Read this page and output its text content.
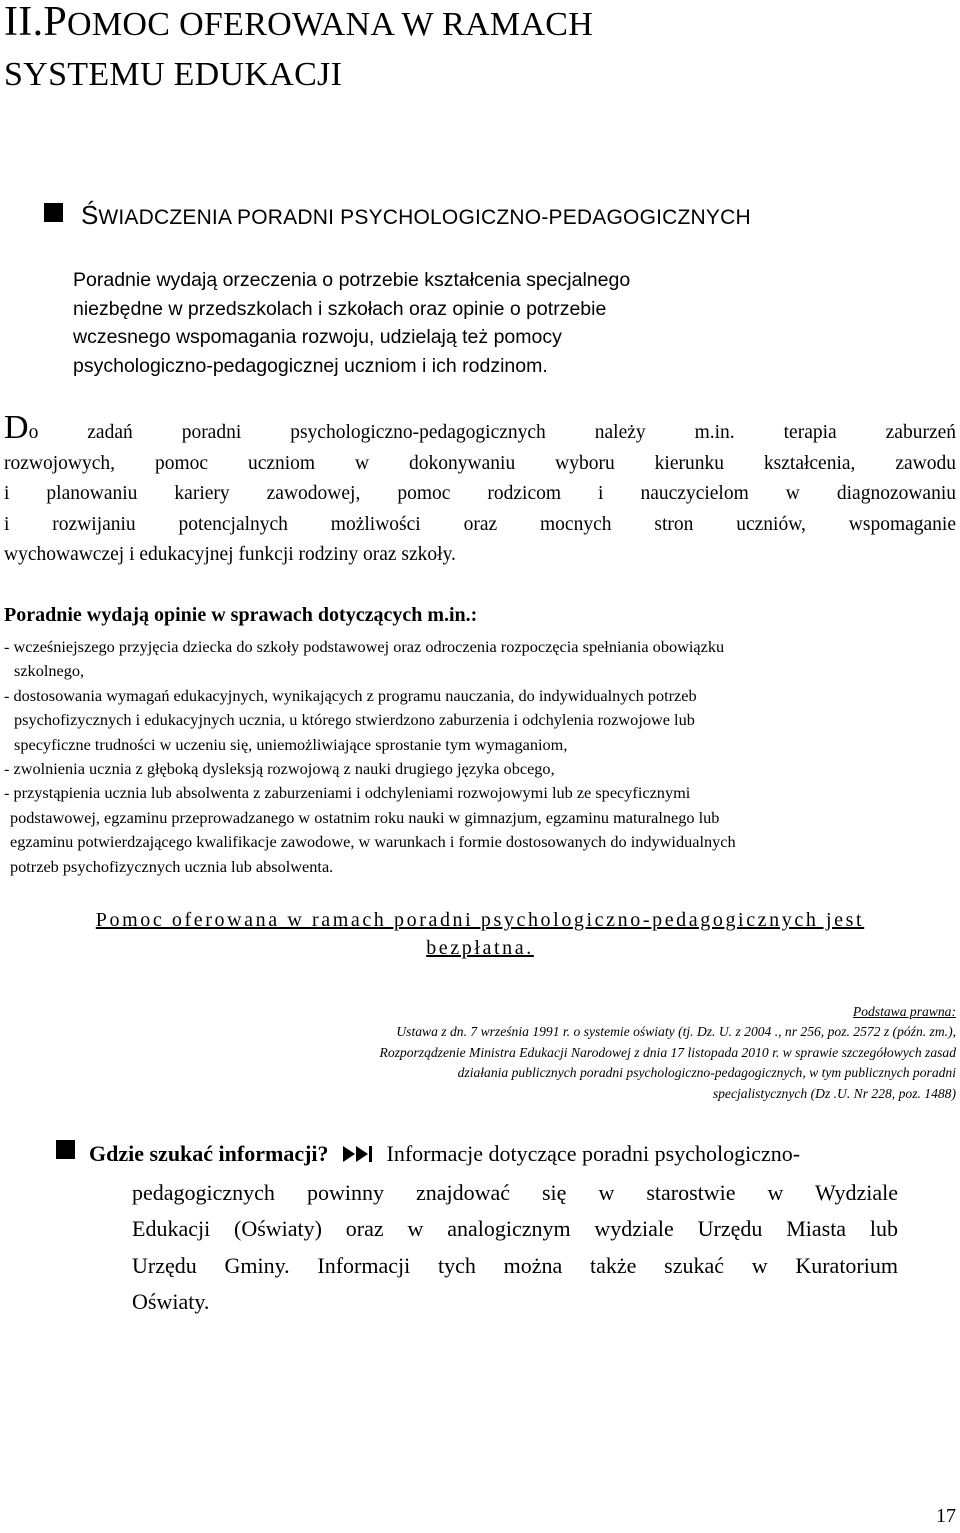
II.POMOC OFEROWANA W RAMACH
SYSTEMU EDUKACJI
ŚWIADCZENIA PORADNI PSYCHOLOGICZNO-PEDAGOGICZNYCH
Poradnie wydają orzeczenia o potrzebie kształcenia specjalnego
niezbędne w przedszkolach i szkołach oraz opinie o potrzebie
wczesnego wspomagania rozwoju, udzielają też pomocy
psychologiczno-pedagogicznej uczniom i ich rodzinom.
Do zadań poradni psychologiczno-pedagogicznych należy m.in. terapia zaburzeń
rozwojowych, pomoc uczniom w dokonywaniu wyboru kierunku kształcenia, zawodu
i planowaniu kariery zawodowej, pomoc rodzicom i nauczycielom w diagnozowaniu
i rozwijaniu potencjalnych możliwości oraz mocnych stron uczniów, wspomaganie
wychowawczej i edukacyjnej funkcji rodziny oraz szkoły.
Poradnie wydają opinie w sprawach dotyczących m.in.:
- wcześniejszego przyjęcia dziecka do szkoły podstawowej oraz odroczenia rozpoczęcia spełniania obowiązku
szkolnego,
- dostosowania wymagań edukacyjnych, wynikających z programu nauczania, do indywidualnych potrzeb
psychofizycznych i edukacyjnych ucznia, u którego stwierdzono zaburzenia i odchylenia rozwojowe lub
specyficzne trudności w uczeniu się, uniemożliwiające sprostanie tym wymaganiom,
- zwolnienia ucznia z głęboką dysleksją rozwojową z nauki drugiego języka obcego,
- przystąpienia ucznia lub absolwenta z zaburzeniami i odchyleniami rozwojowymi lub ze specyficznymi
podstawowej, egzaminu przeprowadzanego w ostatnim roku nauki w gimnazjum, egzaminu maturalnego lub
egzaminu potwierdzającego kwalifikacje zawodowe, w warunkach i formie dostosowanych do indywidualnych
potrzeb psychofizycznych ucznia lub absolwenta.
Pomoc oferowana w ramach poradni psychologiczno-pedagogicznych jest
bezpłatna.
Podstawa prawna:
Ustawa z dn. 7 września 1991 r. o systemie oświaty (tj. Dz. U. z 2004 ., nr 256, poz. 2572 z (późn. zm.),
Rozporządzenie Ministra Edukacji Narodowej z dnia 17 listopada 2010 r. w sprawie szczegółowych zasad
działania publicznych poradni psychologiczno-pedagogicznych, w tym publicznych poradni
specjalistycznych (Dz .U. Nr 228, poz. 1488)
Gdzie szukać informacji?	Informacje dotyczące poradni psychologiczno-
pedagogicznych powinny znajdować się w starostwie w Wydziale
Edukacji (Oświaty) oraz w analogicznym wydziale Urzędu Miasta lub
Urzędu Gminy. Informacji tych można także szukać w Kuratorium
Oświaty.
17
